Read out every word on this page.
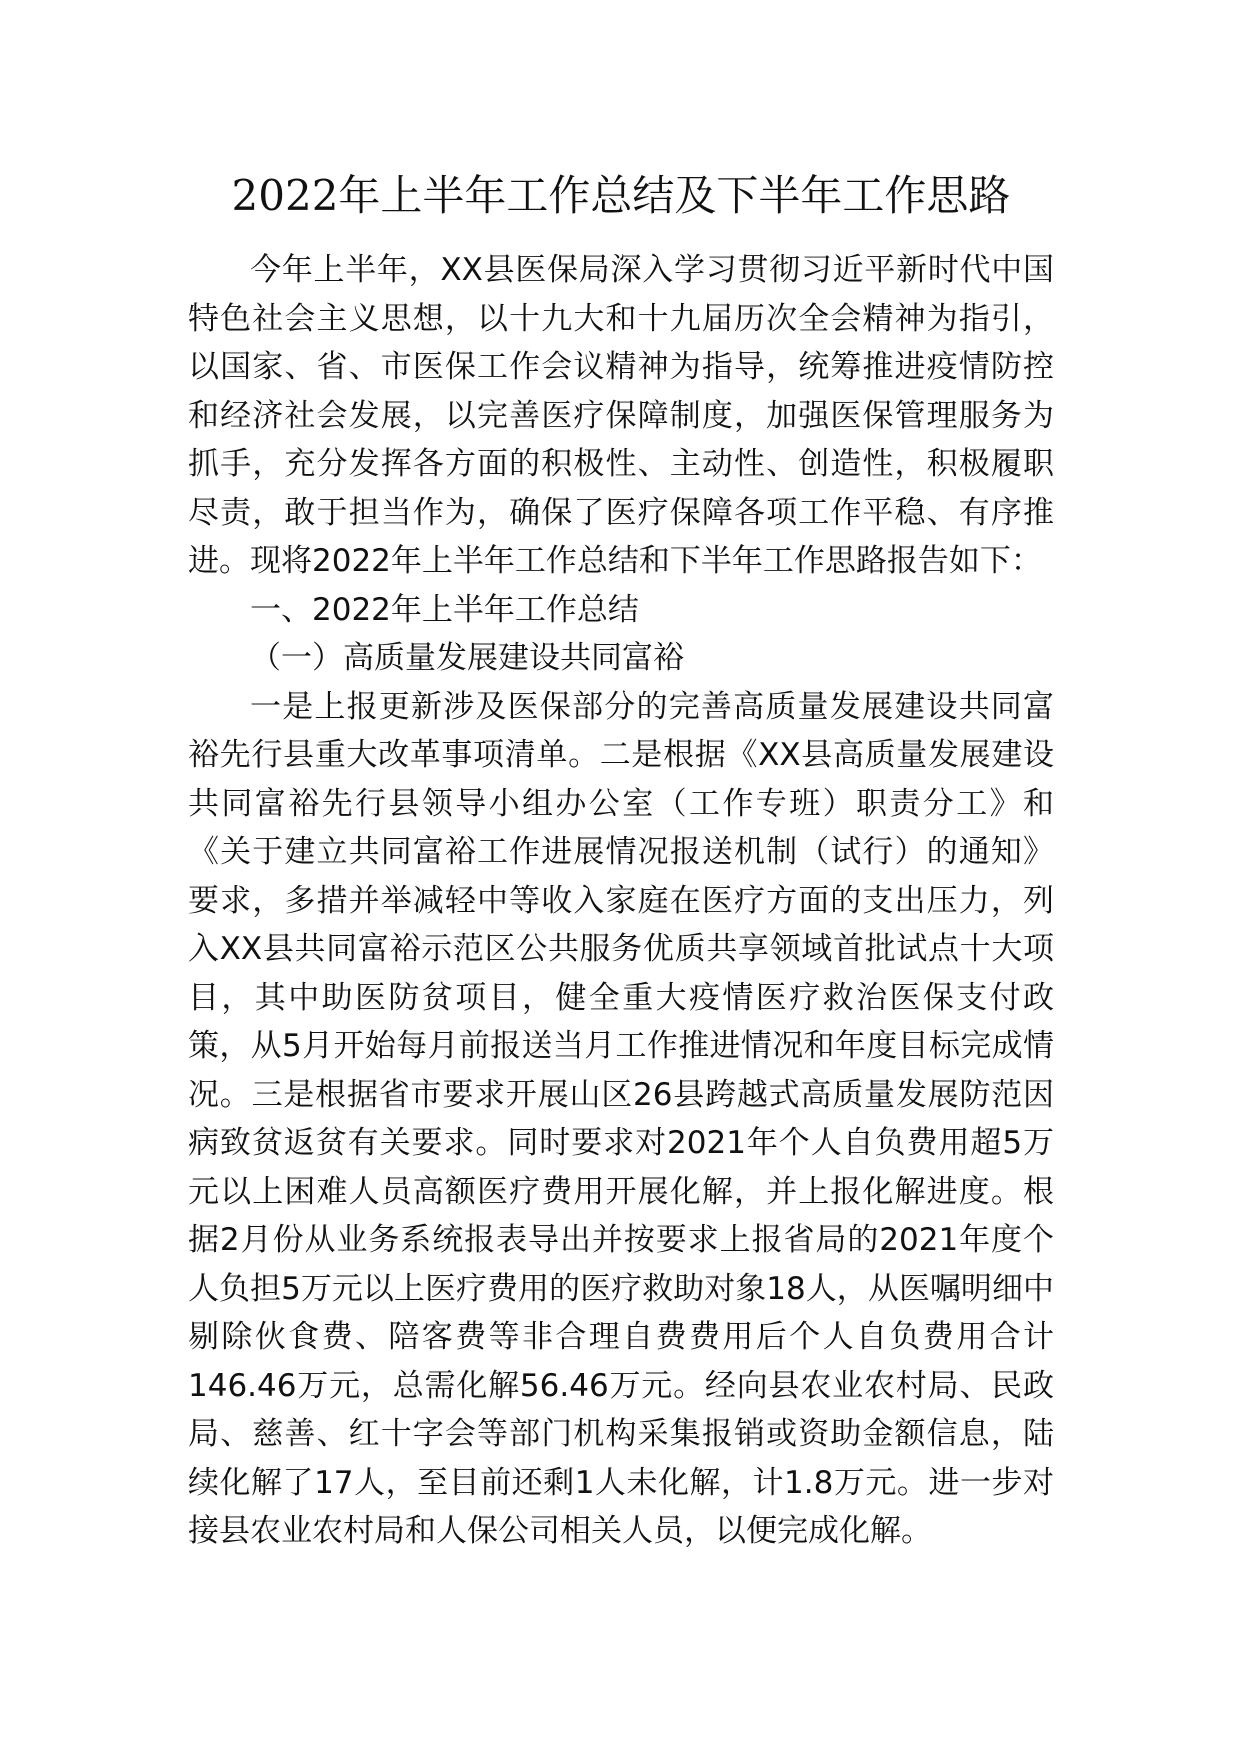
2022年上半年工作总结及下半年工作思路

今年上半年，XX县医保局深入学习贯彻习近平新时代中国特色社会主义思想，以十九大和十九届历次全会精神为指引，以国家、省、市医保工作会议精神为指导，统筹推进疫情防控和经济社会发展，以完善医疗保障制度，加强医保管理服务为抓手，充分发挥各方面的积极性、主动性、创造性，积极履职尽责，敢于担当作为，确保了医疗保障各项工作平稳、有序推进。现将2022年上半年工作总结和下半年工作思路报告如下：

一、2022年上半年工作总结

（一）高质量发展建设共同富裕

一是上报更新涉及医保部分的完善高质量发展建设共同富裕先行县重大改革事项清单。二是根据《XX县高质量发展建设共同富裕先行县领导小组办公室（工作专班）职责分工》和《关于建立共同富裕工作进展情况报送机制（试行）的通知》要求，多措并举减轻中等收入家庭在医疗方面的支出压力，列入XX县共同富裕示范区公共服务优质共享领域首批试点十大项目，其中助医防贫项目，健全重大疫情医疗救治医保支付政策，从5月开始每月前报送当月工作推进情况和年度目标完成情况。三是根据省市要求开展山区26县跨越式高质量发展防范因病致贫返贫有关要求。同时要求对2021年个人自负费用超5万元以上困难人员高额医疗费用开展化解，并上报化解进度。根据2月份从业务系统报表导出并按要求上报省局的2021年度个人负担5万元以上医疗费用的医疗救助对象18人，从医嘱明细中剔除伙食费、陪客费等非合理自费费用后个人自负费用合计146.46万元，总需化解56.46万元。经向县农业农村局、民政局、慈善、红十字会等部门机构采集报销或资助金额信息，陆续化解了17人，至目前还剩1人未化解，计1.8万元。进一步对接县农业农村局和人保公司相关人员，以便完成化解。
